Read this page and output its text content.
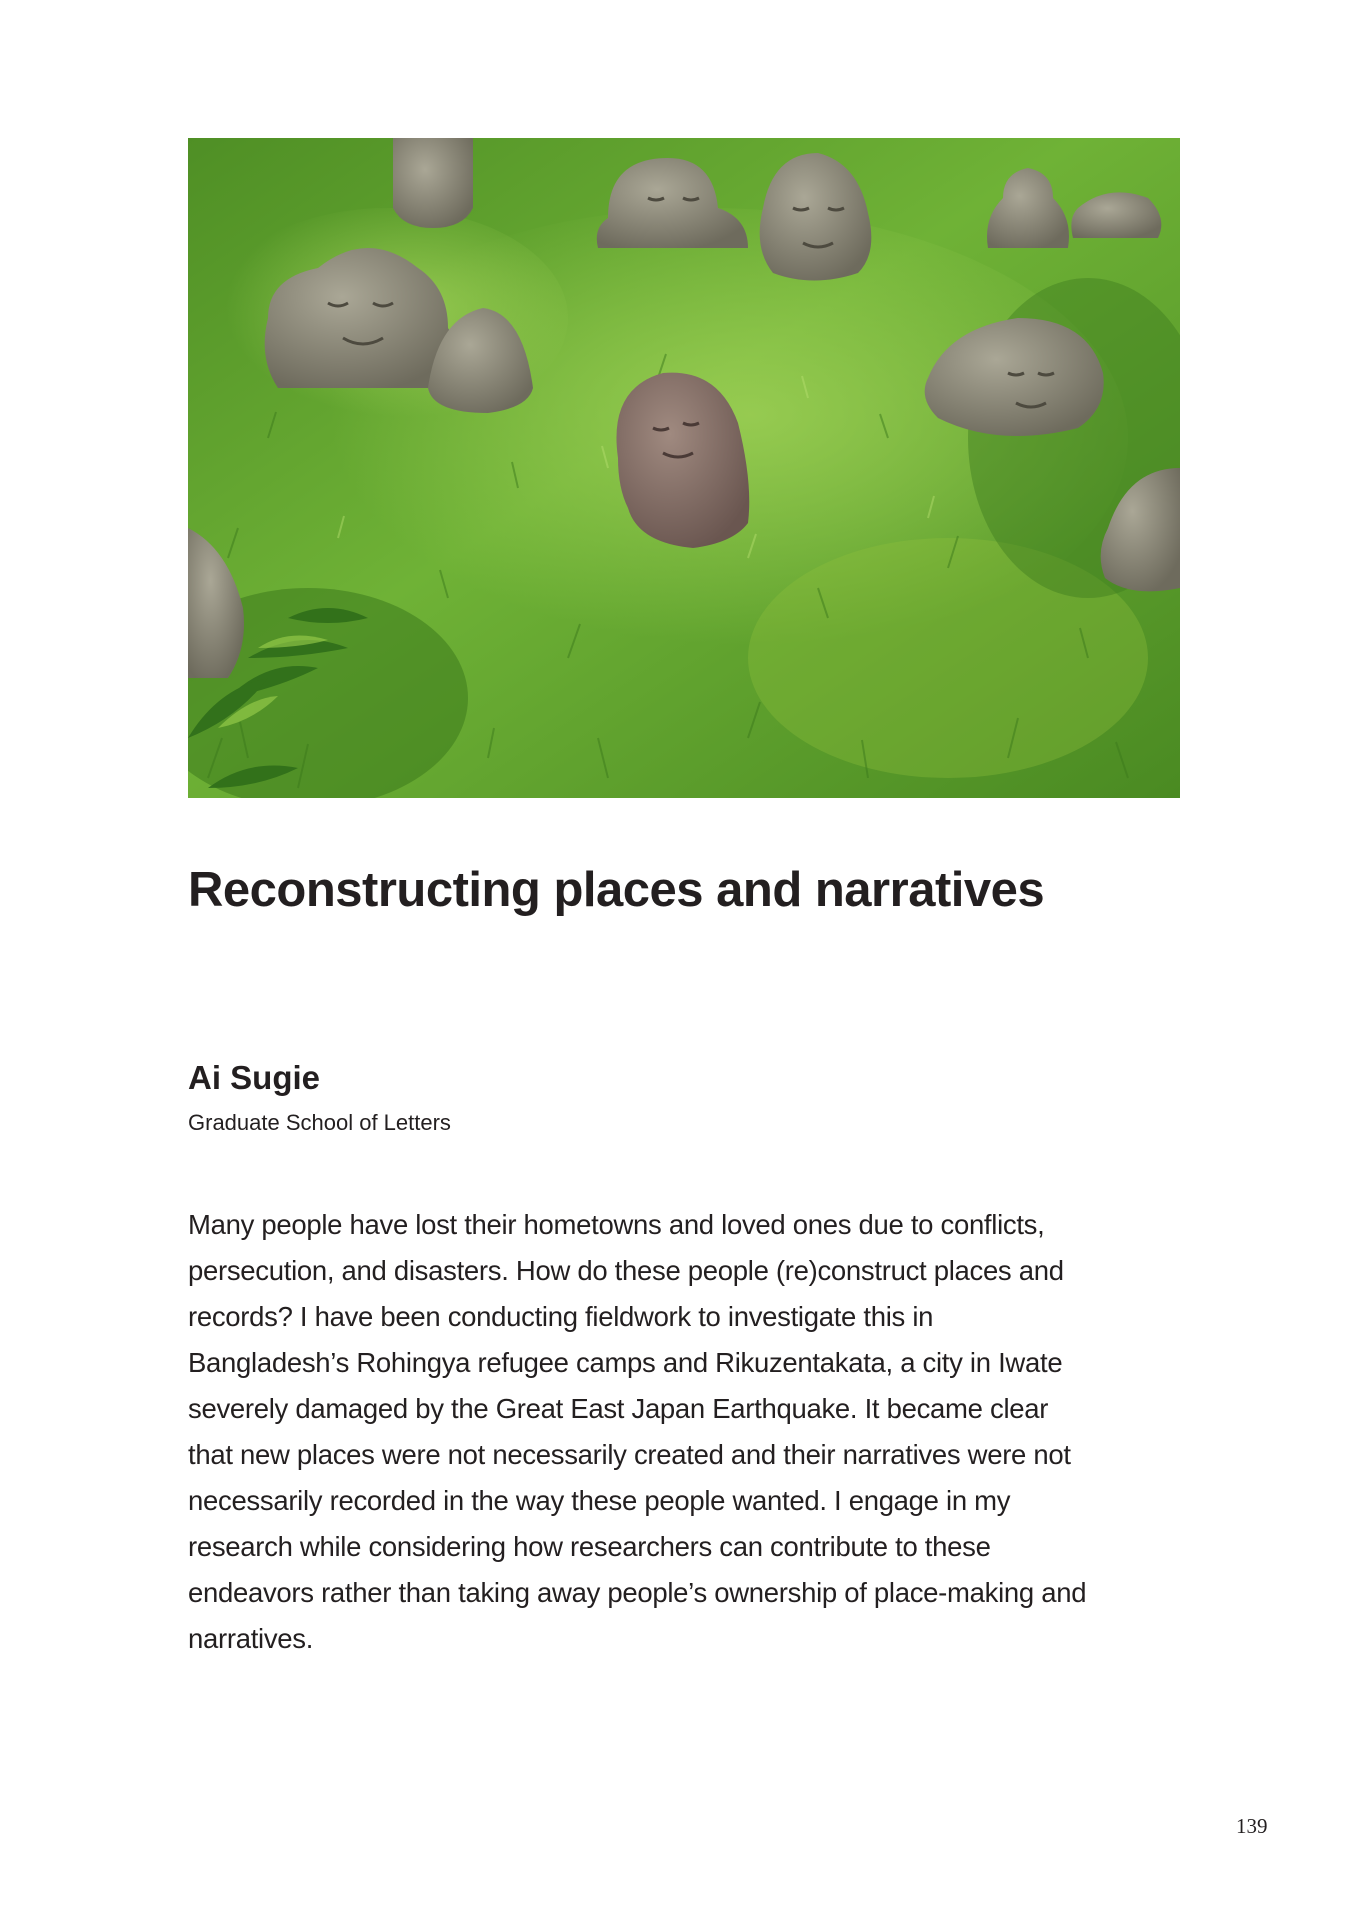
Reconstructing places and narratives
Ai Sugie

Graduate School of Letters

Many people have lost their hometowns and loved ones due to conflicts,
persecution, and disasters. How do these people (re)construct places and
records? I have been conducting fieldwork to investigate this in
Bangladesh’s Rohingya refugee camps and Rikuzentakata, a city in Iwate
severely damaged by the Great East Japan Earthquake. It became clear
that new places were not necessarily created and their narratives were not
necessarily recorded in the way these people wanted. I engage in my
research while considering how researchers can contribute to these
endeavors rather than taking away people’s ownership of place-making and
narratives.

139
